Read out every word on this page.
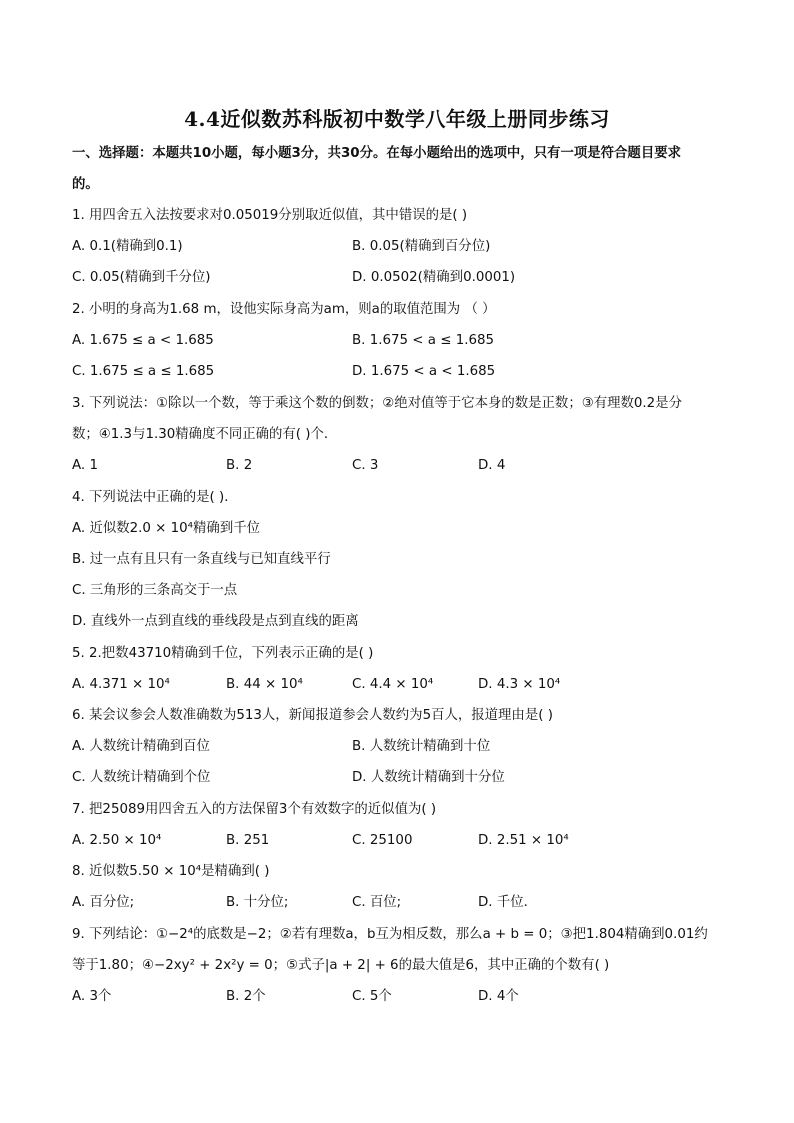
4.4近似数苏科版初中数学八年级上册同步练习
一、选择题：本题共10小题，每小题3分，共30分。在每小题给出的选项中，只有一项是符合题目要求
的。
1. 用四舍五入法按要求对0.05019分别取近似值，其中错误的是( )
A. 0.1(精确到0.1)	B. 0.05(精确到百分位)
C. 0.05(精确到千分位)	D. 0.0502(精确到0.0001)
2. 小明的身高为1.68 m，设他实际身高为am，则a的取值范围为 （ ）
A. 1.675 ≤ a < 1.685	B. 1.675 < a ≤ 1.685
C. 1.675 ≤ a ≤ 1.685	D. 1.675 < a < 1.685
3. 下列说法：①除以一个数，等于乘这个数的倒数；②绝对值等于它本身的数是正数；③有理数0.2是分
数；④1.3与1.30精确度不同正确的有( )个．
A. 1	B. 2	C. 3	D. 4
4. 下列说法中正确的是( )．
A. 近似数2.0 × 10⁴精确到千位
B. 过一点有且只有一条直线与已知直线平行
C. 三角形的三条高交于一点
D. 直线外一点到直线的垂线段是点到直线的距离
5. 2.把数43710精确到千位，下列表示正确的是( )
A. 4.371 × 10⁴	B. 44 × 10⁴	C. 4.4 × 10⁴	D. 4.3 × 10⁴
6. 某会议参会人数准确数为513人，新闻报道参会人数约为5百人，报道理由是( )
A. 人数统计精确到百位	B. 人数统计精确到十位
C. 人数统计精确到个位	D. 人数统计精确到十分位
7. 把25089用四舍五入的方法保留3个有效数字的近似值为( )
A. 2.50 × 10⁴	B. 251	C. 25100	D. 2.51 × 10⁴
8. 近似数5.50 × 10⁴是精确到( )
A. 百分位;	B. 十分位;	C. 百位;	D. 千位．
9. 下列结论：①−2⁴的底数是−2；②若有理数a，b互为相反数，那么a + b = 0；③把1.804精确到0.01约
等于1.80；④−2xy² + 2x²y = 0；⑤式子|a + 2| + 6的最大值是6，其中正确的个数有( )
A. 3个	B. 2个	C. 5个	D. 4个
